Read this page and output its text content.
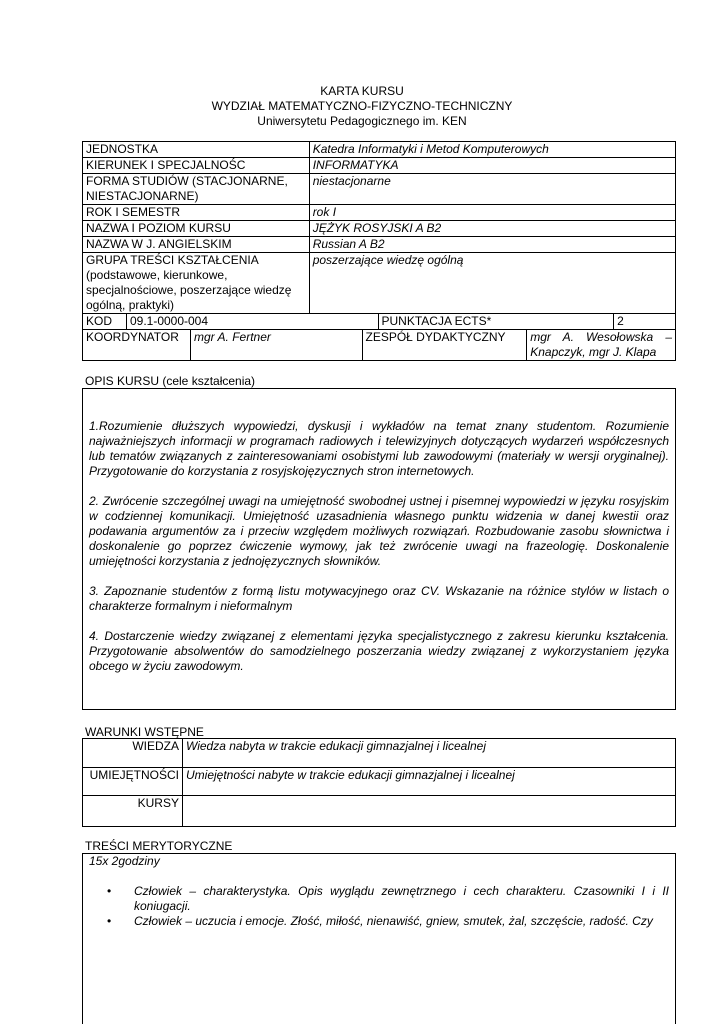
KARTA KURSU
WYDZIAŁ MATEMATYCZNO-FIZYCZNO-TECHNICZNY
Uniwersytetu Pedagogicznego im. KEN
JEDNOSTKA		Katedra Informatyki i Metod Komputerowych		
KIERUNEK I SPECJALNOŚC		INFORMATYKA		
FORMA STUDIÓW (STACJONARNE, NIESTACJONARNE)		niestacjonarne		
ROK I SEMESTR		rok I		
NAZWA I POZIOM KURSU		JĘŻYK ROSYJSKI A B2		
NAZWA W J. ANGIELSKIM		Russian A B2		
GRUPA TREŚCI KSZTAŁCENIA (podstawowe, kierunkowe, specjalnościowe, poszerzające wiedzę ogólną, praktyki)		poszerzające wiedzę ogólną		
KOD	09.1-0000-004		PUNKTACJA ECTS*	2
KOORDYNATOR	mgr A. Fertner	ZESPÓŁ DYDAKTYCZNY	mgr A. Wesołowska – Knapczyk, mgr J. Klapa
OPIS KURSU (cele kształcenia)

1.Rozumienie dłuższych wypowiedzi, dyskusji i wykładów na temat znany studentom. Rozumienie najważniejszych informacji w programach radiowych i telewizyjnych dotyczących wydarzeń współczesnych lub tematów związanych z zainteresowaniami osobistymi lub zawodowymi (materiały w wersji oryginalnej). Przygotowanie do korzystania z rosyjskojęzycznych stron internetowych.

2. Zwrócenie szczególnej uwagi na umiejętność swobodnej ustnej i pisemnej wypowiedzi w języku rosyjskim w codziennej komunikacji. Umiejętność uzasadnienia własnego punktu widzenia w danej kwestii oraz podawania argumentów za i przeciw względem możliwych rozwiązań. Rozbudowanie zasobu słownictwa i doskonalenie go poprzez ćwiczenie wymowy, jak też zwrócenie uwagi na frazeologię. Doskonalenie umiejętności korzystania z jednojęzycznych słowników.

3. Zapoznanie studentów z formą listu motywacyjnego oraz CV. Wskazanie na różnice stylów w listach o charakterze formalnym i nieformalnym

4. Dostarczenie wiedzy związanej z elementami języka specjalistycznego z zakresu kierunku kształcenia. Przygotowanie absolwentów do samodzielnego poszerzania wiedzy związanej z wykorzystaniem języka obcego w życiu zawodowym.

WARUNKI WSTĘPNE
WIEDZA	Wiedza nabyta w trakcie edukacji gimnazjalnej i licealnej
UMIEJĘTNOŚCI	Umiejętności nabyte w trakcie edukacji gimnazjalnej i licealnej
KURSY	
TREŚCI MERYTORYCZNE
15x 2godziny
• Człowiek – charakterystyka. Opis wyglądu zewnętrznego i cech charakteru. Czasowniki I i II koniugacji.
• Człowiek – uczucia i emocje. Złość, miłość, nienawiść, gniew, smutek, żal, szczęście, radość. Czy
